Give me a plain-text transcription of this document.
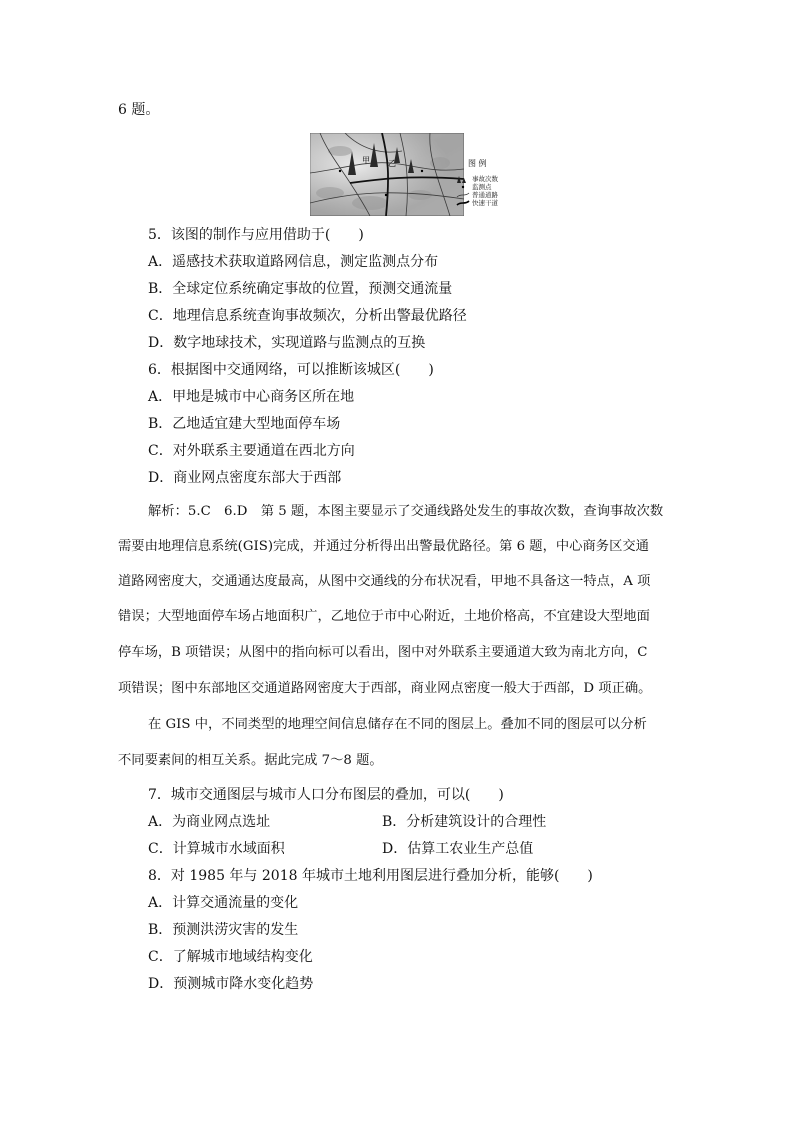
6 题。
甲 乙	图 例
事故次数
监测点
普通道路
快速干道
5．该图的制作与应用借助于(　　)
A．遥感技术获取道路网信息，测定监测点分布
B．全球定位系统确定事故的位置，预测交通流量
C．地理信息系统查询事故频次，分析出警最优路径
D．数字地球技术，实现道路与监测点的互换
6．根据图中交通网络，可以推断该城区(　　)
A．甲地是城市中心商务区所在地
B．乙地适宜建大型地面停车场
C．对外联系主要通道在西北方向
D．商业网点密度东部大于西部
解析：5.C　6.D　第 5 题，本图主要显示了交通线路处发生的事故次数，查询事故次数
需要由地理信息系统(GIS)完成，并通过分析得出出警最优路径。第 6 题，中心商务区交通
道路网密度大，交通通达度最高，从图中交通线的分布状况看，甲地不具备这一特点，A 项
错误；大型地面停车场占地面积广，乙地位于市中心附近，土地价格高，不宜建设大型地面
停车场，B 项错误；从图中的指向标可以看出，图中对外联系主要通道大致为南北方向，C
项错误；图中东部地区交通道路网密度大于西部，商业网点密度一般大于西部，D 项正确。
在 GIS 中，不同类型的地理空间信息储存在不同的图层上。叠加不同的图层可以分析
不同要素间的相互关系。据此完成 7～8 题。
7．城市交通图层与城市人口分布图层的叠加，可以(　　)
A．为商业网点选址	B．分析建筑设计的合理性
C．计算城市水域面积	D．估算工农业生产总值
8．对 1985 年与 2018 年城市土地利用图层进行叠加分析，能够(　　)
A．计算交通流量的变化
B．预测洪涝灾害的发生
C．了解城市地域结构变化
D．预测城市降水变化趋势
